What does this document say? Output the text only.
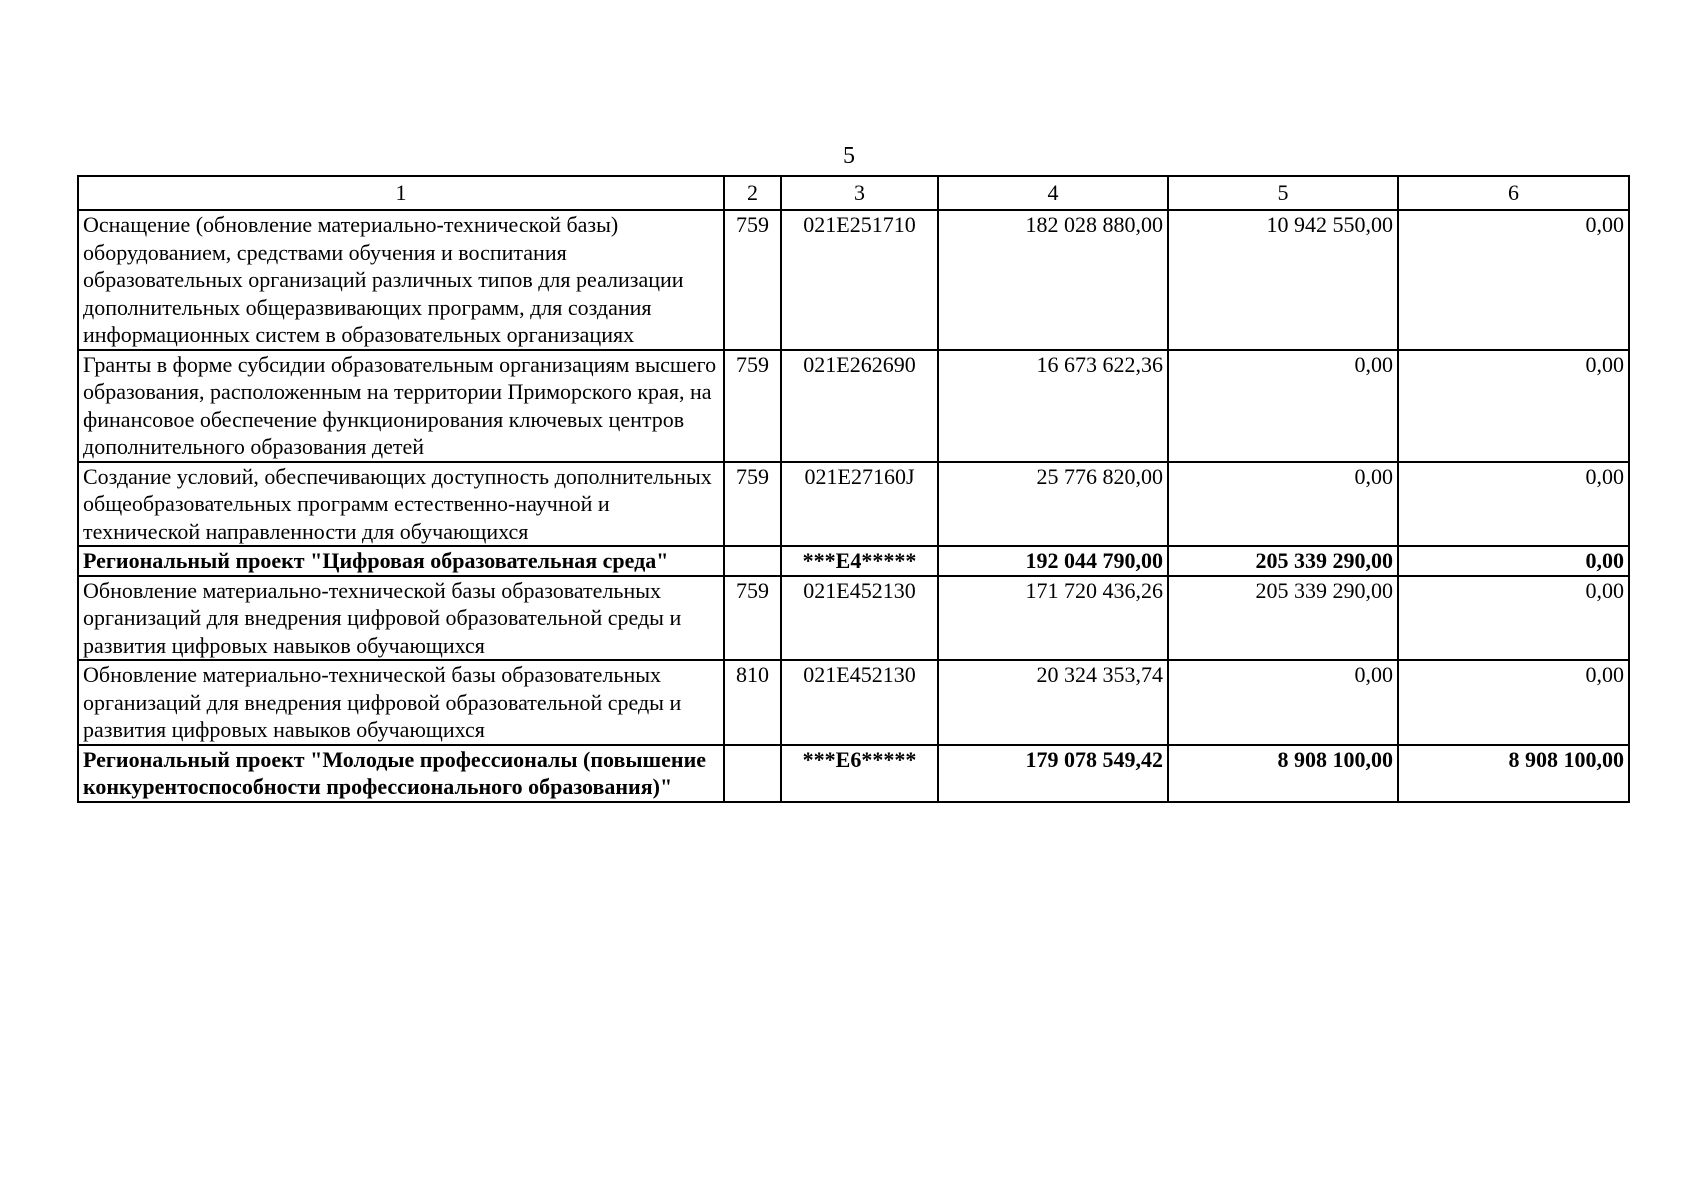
5
1	2	3	4	5	6
Оснащение (обновление материально-технической базы) оборудованием, средствами обучения и воспитания образовательных организаций различных типов для реализации дополнительных общеразвивающих программ, для создания информационных систем в образовательных организациях	759	021E251710	182 028 880,00	10 942 550,00	0,00
Гранты в форме субсидии образовательным организациям высшего образования, расположенным на территории Приморского края, на финансовое обеспечение функционирования ключевых центров дополнительного образования детей	759	021E262690	16 673 622,36	0,00	0,00
Создание условий, обеспечивающих доступность дополнительных общеобразовательных программ естественно-научной и технической направленности для обучающихся	759	021E27160J	25 776 820,00	0,00	0,00
Региональный проект "Цифровая образовательная среда"		***E4*****	192 044 790,00	205 339 290,00	0,00
Обновление материально-технической базы образовательных организаций для внедрения цифровой образовательной среды и развития цифровых навыков обучающихся	759	021E452130	171 720 436,26	205 339 290,00	0,00
Обновление материально-технической базы образовательных организаций для внедрения цифровой образовательной среды и развития цифровых навыков обучающихся	810	021E452130	20 324 353,74	0,00	0,00
Региональный проект "Молодые профессионалы (повышение конкурентоспособности профессионального образования)"		***E6*****	179 078 549,42	8 908 100,00	8 908 100,00
